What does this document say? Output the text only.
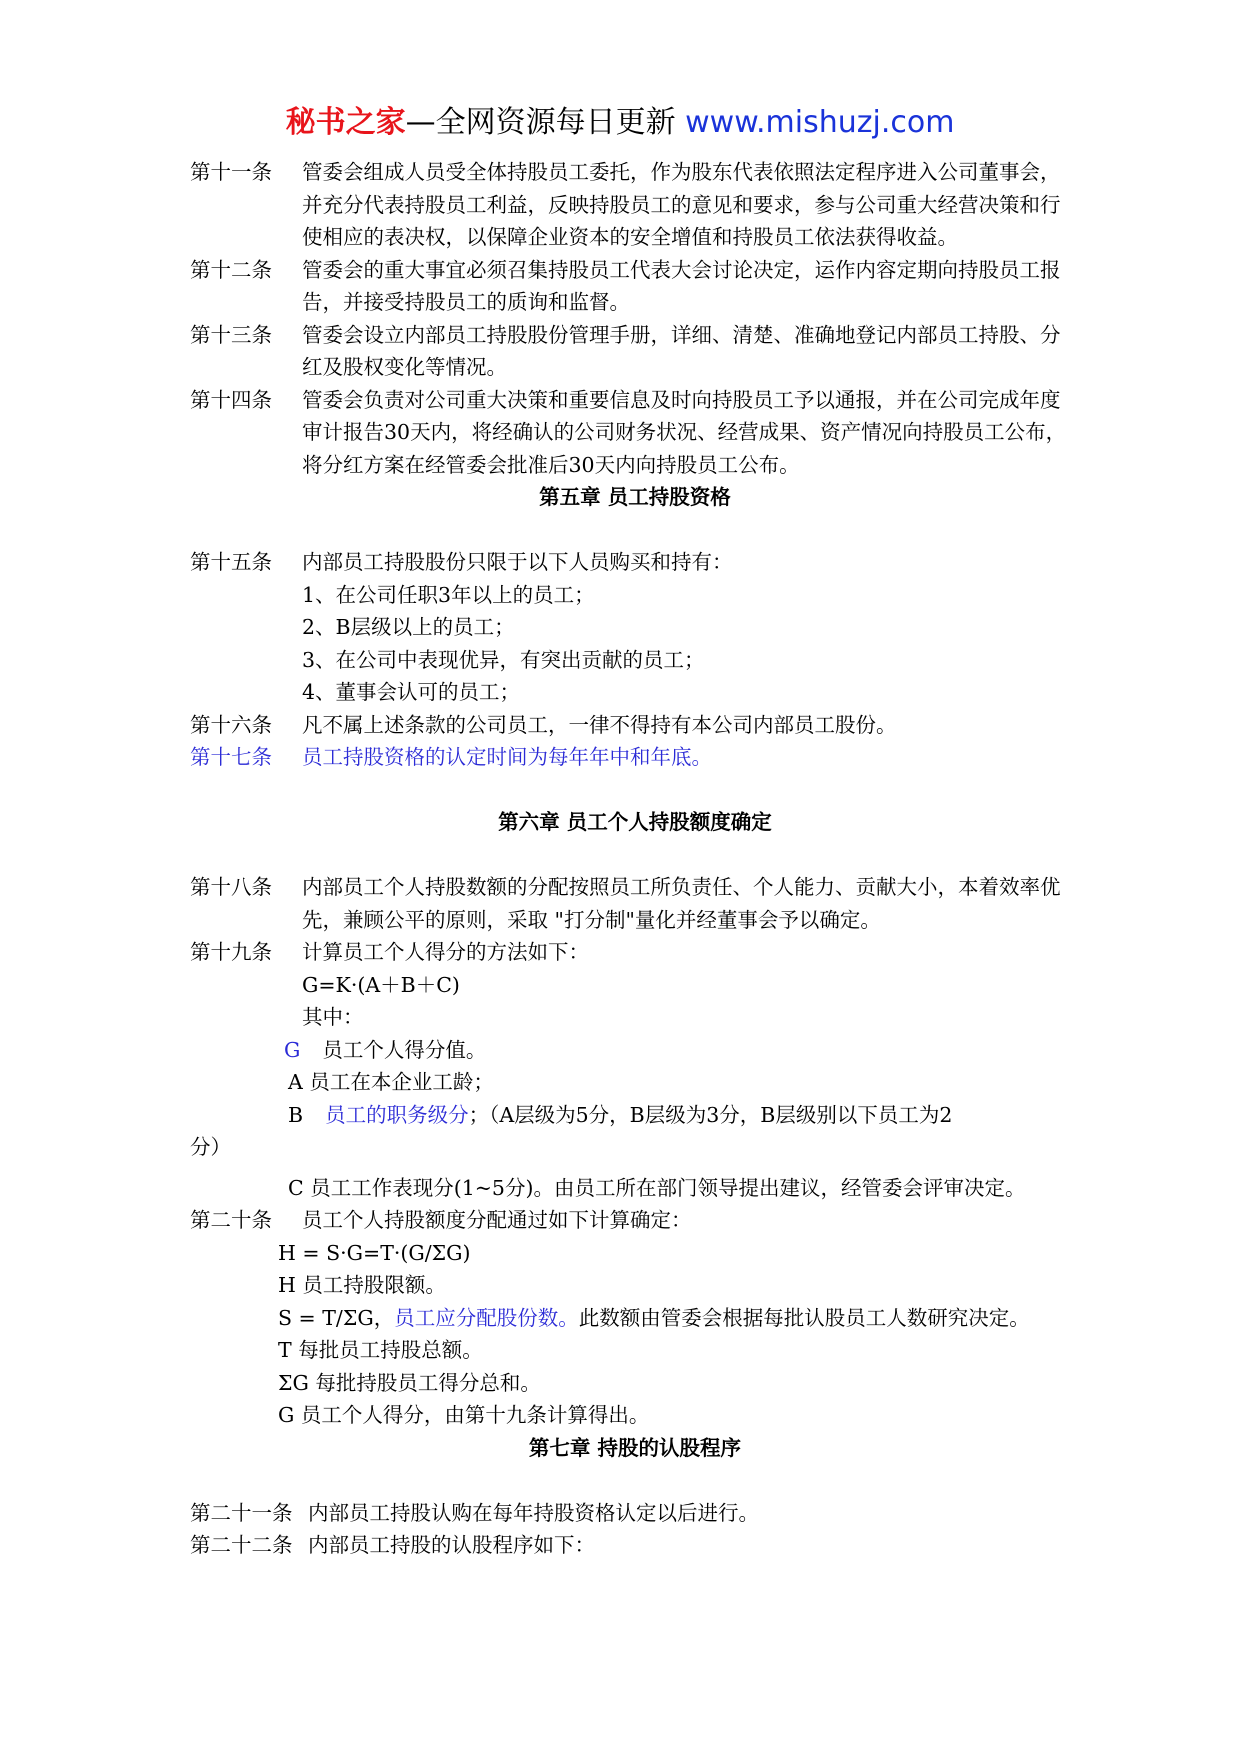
秘书之家—全网资源每日更新 www.mishuzj.com
第十一条	管委会组成人员受全体持股员工委托，作为股东代表依照法定程序进入公司董事会，并充分代表持股员工利益，反映持股员工的意见和要求，参与公司重大经营决策和行使相应的表决权，以保障企业资本的安全增值和持股员工依法获得收益。
第十二条	管委会的重大事宜必须召集持股员工代表大会讨论决定，运作内容定期向持股员工报告，并接受持股员工的质询和监督。
第十三条	管委会设立内部员工持股股份管理手册，详细、清楚、准确地登记内部员工持股、分红及股权变化等情况。
第十四条	管委会负责对公司重大决策和重要信息及时向持股员工予以通报，并在公司完成年度审计报告30天内，将经确认的公司财务状况、经营成果、资产情况向持股员工公布，将分红方案在经管委会批准后30天内向持股员工公布。
第五章 员工持股资格
第十五条	内部员工持股股份只限于以下人员购买和持有：
1、在公司任职3年以上的员工；
2、B层级以上的员工；
3、在公司中表现优异，有突出贡献的员工；
4、董事会认可的员工；
第十六条	凡不属上述条款的公司员工，一律不得持有本公司内部员工股份。
第十七条	员工持股资格的认定时间为每年年中和年底。
第六章 员工个人持股额度确定
第十八条	内部员工个人持股数额的分配按照员工所负责任、个人能力、贡献大小，本着效率优先，兼顾公平的原则，采取 "打分制"量化并经董事会予以确定。
第十九条	计算员工个人得分的方法如下：
G=K·(A＋B＋C)
其中：
G 员工个人得分值。
A 员工在本企业工龄；
B 员工的职务级分；（A层级为5分，B层级为3分，B层级别以下员工为2
分）
C 员工工作表现分(1~5分)。由员工所在部门领导提出建议，经管委会评审决定。
第二十条	员工个人持股额度分配通过如下计算确定：
H = S·G=T·(G/ΣG)
H 员工持股限额。
S = T/ΣG，员工应分配股份数。此数额由管委会根据每批认股员工人数研究决定。
T 每批员工持股总额。
ΣG 每批持股员工得分总和。
G 员工个人得分，由第十九条计算得出。
第七章 持股的认股程序
第二十一条 内部员工持股认购在每年持股资格认定以后进行。
第二十二条 内部员工持股的认股程序如下：
